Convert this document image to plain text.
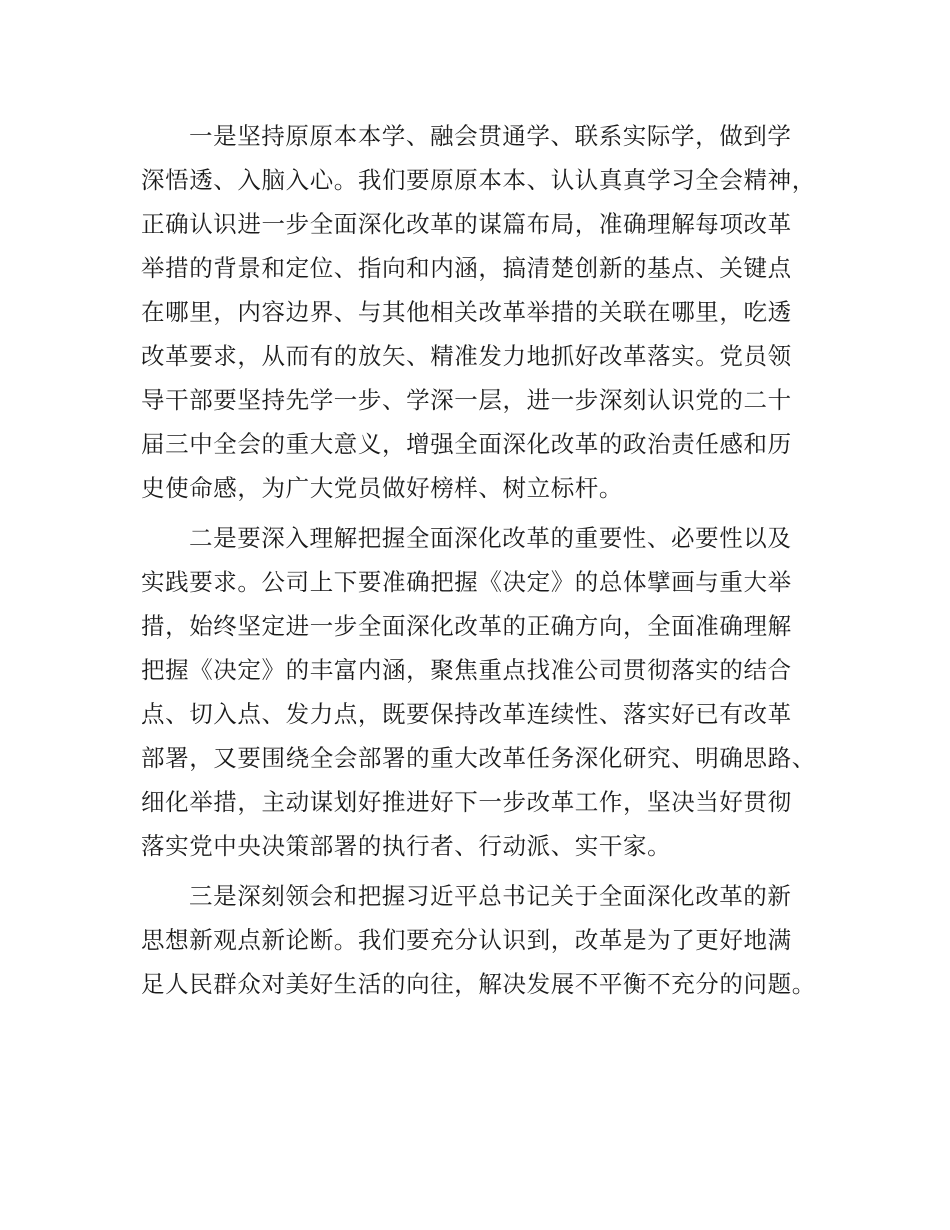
一是坚持原原本本学、融会贯通学、联系实际学，做到学
深悟透、入脑入心。我们要原原本本、认认真真学习全会精神，
正确认识进一步全面深化改革的谋篇布局，准确理解每项改革
举措的背景和定位、指向和内涵，搞清楚创新的基点、关键点
在哪里，内容边界、与其他相关改革举措的关联在哪里，吃透
改革要求，从而有的放矢、精准发力地抓好改革落实。党员领
导干部要坚持先学一步、学深一层，进一步深刻认识党的二十
届三中全会的重大意义，增强全面深化改革的政治责任感和历
史使命感，为广大党员做好榜样、树立标杆。
二是要深入理解把握全面深化改革的重要性、必要性以及
实践要求。公司上下要准确把握《决定》的总体擘画与重大举
措，始终坚定进一步全面深化改革的正确方向，全面准确理解
把握《决定》的丰富内涵，聚焦重点找准公司贯彻落实的结合
点、切入点、发力点，既要保持改革连续性、落实好已有改革
部署，又要围绕全会部署的重大改革任务深化研究、明确思路、
细化举措，主动谋划好推进好下一步改革工作，坚决当好贯彻
落实党中央决策部署的执行者、行动派、实干家。
三是深刻领会和把握习近平总书记关于全面深化改革的新
思想新观点新论断。我们要充分认识到，改革是为了更好地满
足人民群众对美好生活的向往，解决发展不平衡不充分的问题。
